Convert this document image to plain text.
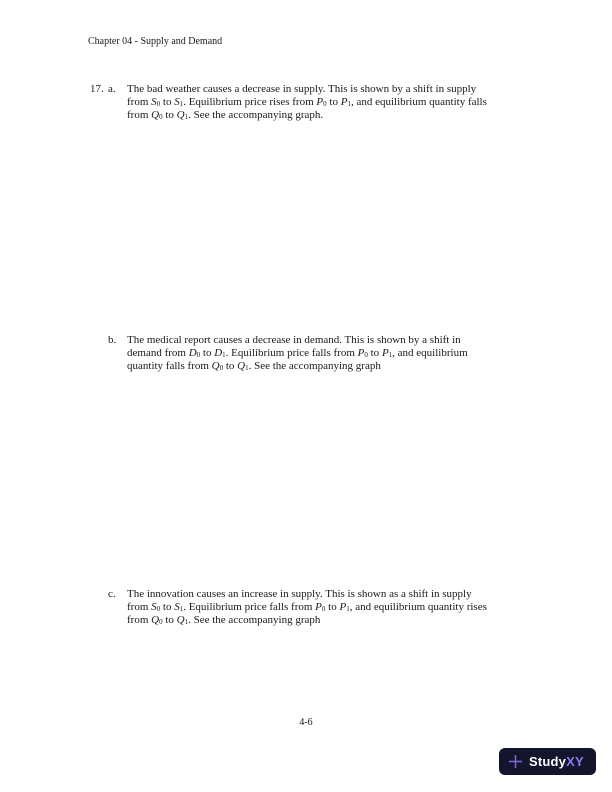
Chapter 04 - Supply and Demand
17. a.	The bad weather causes a decrease in supply. This is shown by a shift in supply
from S0 to S1. Equilibrium price rises from P0 to P1, and equilibrium quantity falls
from Q0 to Q1. See the accompanying graph.
b. The medical report causes a decrease in demand. This is shown by a shift in
demand from D0 to D1. Equilibrium price falls from P0 to P1, and equilibrium
quantity falls from Q0 to Q1. See the accompanying graph
c.	The innovation causes an increase in supply. This is shown as a shift in supply
from S0 to S1. Equilibrium price falls from P0 to P1, and equilibrium quantity rises
from Q0 to Q1. See the accompanying graph
4-6
Study XY
